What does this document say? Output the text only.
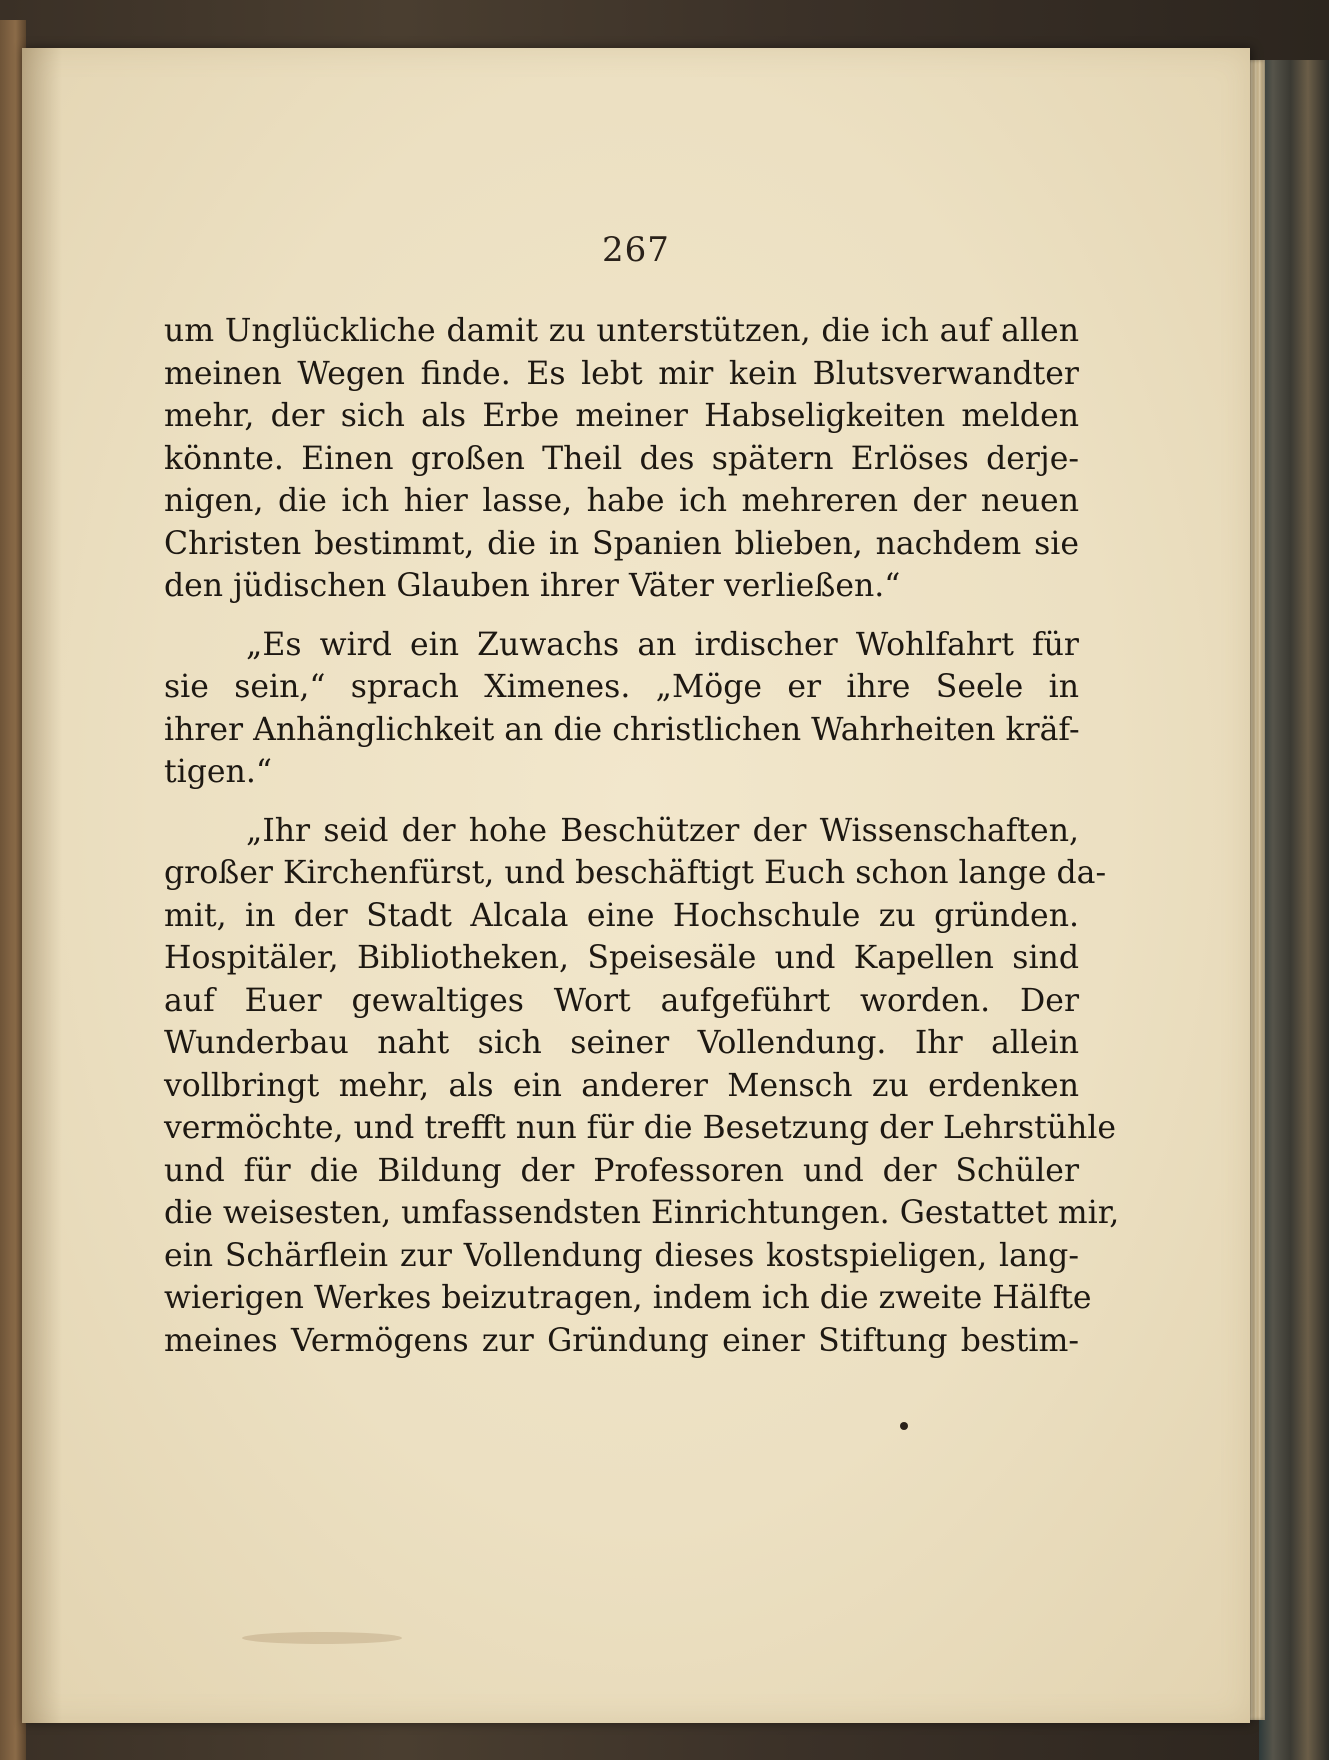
267

um Unglückliche damit zu unterstützen, die ich auf allen
meinen Wegen finde. Es lebt mir kein Blutsverwandter
mehr, der sich als Erbe meiner Habseligkeiten melden
könnte. Einen großen Theil des spätern Erlöses derje-
nigen, die ich hier lasse, habe ich mehreren der neuen
Christen bestimmt, die in Spanien blieben, nachdem sie
den jüdischen Glauben ihrer Väter verließen.“

„Es wird ein Zuwachs an irdischer Wohlfahrt für
sie sein,“ sprach Ximenes. „Möge er ihre Seele in
ihrer Anhänglichkeit an die christlichen Wahrheiten kräf-
tigen.“

„Ihr seid der hohe Beschützer der Wissenschaften,
großer Kirchenfürst, und beschäftigt Euch schon lange da-
mit, in der Stadt Alcala eine Hochschule zu gründen.
Hospitäler, Bibliotheken, Speisesäle und Kapellen sind
auf Euer gewaltiges Wort aufgeführt worden. Der
Wunderbau naht sich seiner Vollendung. Ihr allein
vollbringt mehr, als ein anderer Mensch zu erdenken
vermöchte, und trefft nun für die Besetzung der Lehrstühle
und für die Bildung der Professoren und der Schüler
die weisesten, umfassendsten Einrichtungen. Gestattet mir,
ein Schärflein zur Vollendung dieses kostspieligen, lang-
wierigen Werkes beizutragen, indem ich die zweite Hälfte
meines Vermögens zur Gründung einer Stiftung bestim-
